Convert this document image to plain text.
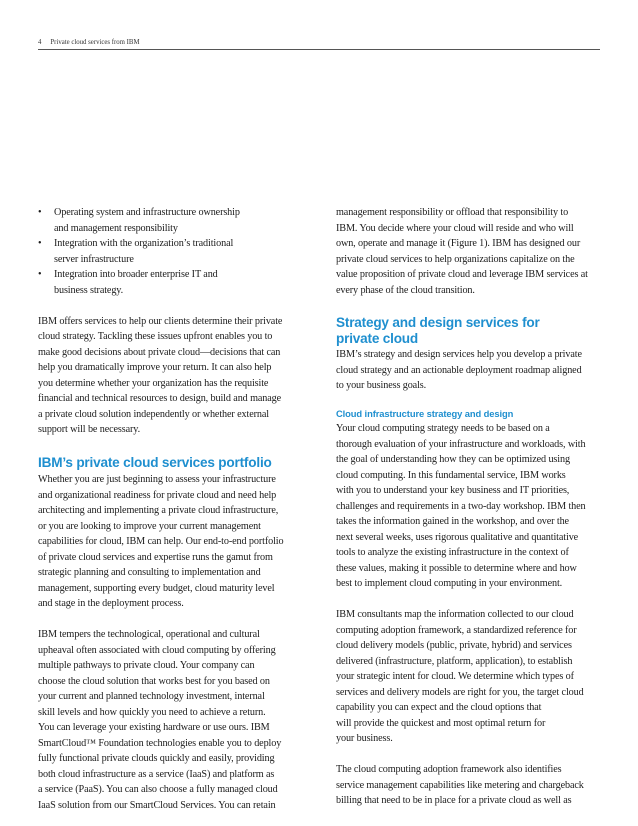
4 Private cloud services from IBM
• Operating system and infrastructure ownership

and management responsibility

• Integration with the organization’s traditional

server infrastructure

• Integration into broader enterprise IT and

business strategy.

IBM offers services to help our clients determine their private

cloud strategy. Tackling these issues upfront enables you to

make good decisions about private cloud—decisions that can

help you dramatically improve your return. It can also help

you determine whether your organization has the requisite

financial and technical resources to design, build and manage

a private cloud solution independently or whether external

support will be necessary.

IBM’s private cloud services portfolio

Whether you are just beginning to assess your infrastructure

and organizational readiness for private cloud and need help

architecting and implementing a private cloud infrastructure,

or you are looking to improve your current management

capabilities for cloud, IBM can help. Our end-to-end portfolio

of private cloud services and expertise runs the gamut from

strategic planning and consulting to implementation and

management, supporting every budget, cloud maturity level

and stage in the deployment process.

IBM tempers the technological, operational and cultural

upheaval often associated with cloud computing by offering

multiple pathways to private cloud. Your company can

choose the cloud solution that works best for you based on

your current and planned technology investment, internal

skill levels and how quickly you need to achieve a return.

You can leverage your existing hardware or use ours. IBM

SmartCloud™ Foundation technologies enable you to deploy

fully functional private clouds quickly and easily, providing

both cloud infrastructure as a service (IaaS) and platform as

a service (PaaS). You can also choose a fully managed cloud

IaaS solution from our SmartCloud Services. You can retain

management responsibility or offload that responsibility to

IBM. You decide where your cloud will reside and who will

own, operate and manage it (Figure 1). IBM has designed our

private cloud services to help organizations capitalize on the

value proposition of private cloud and leverage IBM services at

every phase of the cloud transition.

Strategy and design services for
private cloud

IBM’s strategy and design services help you develop a private

cloud strategy and an actionable deployment roadmap aligned

to your business goals.

Cloud infrastructure strategy and design

Your cloud computing strategy needs to be based on a

thorough evaluation of your infrastructure and workloads, with

the goal of understanding how they can be optimized using

cloud computing. In this fundamental service, IBM works

with you to understand your key business and IT priorities,

challenges and requirements in a two-day workshop. IBM then

takes the information gained in the workshop, and over the

next several weeks, uses rigorous qualitative and quantitative

tools to analyze the existing infrastructure in the context of

these values, making it possible to determine where and how

best to implement cloud computing in your environment.

IBM consultants map the information collected to our cloud

computing adoption framework, a standardized reference for

cloud delivery models (public, private, hybrid) and services

delivered (infrastructure, platform, application), to establish

your strategic intent for cloud. We determine which types of

services and delivery models are right for you, the target cloud

capability you can expect and the cloud options that

will provide the quickest and most optimal return for

your business.

The cloud computing adoption framework also identifies

service management capabilities like metering and chargeback

billing that need to be in place for a private cloud as well as
